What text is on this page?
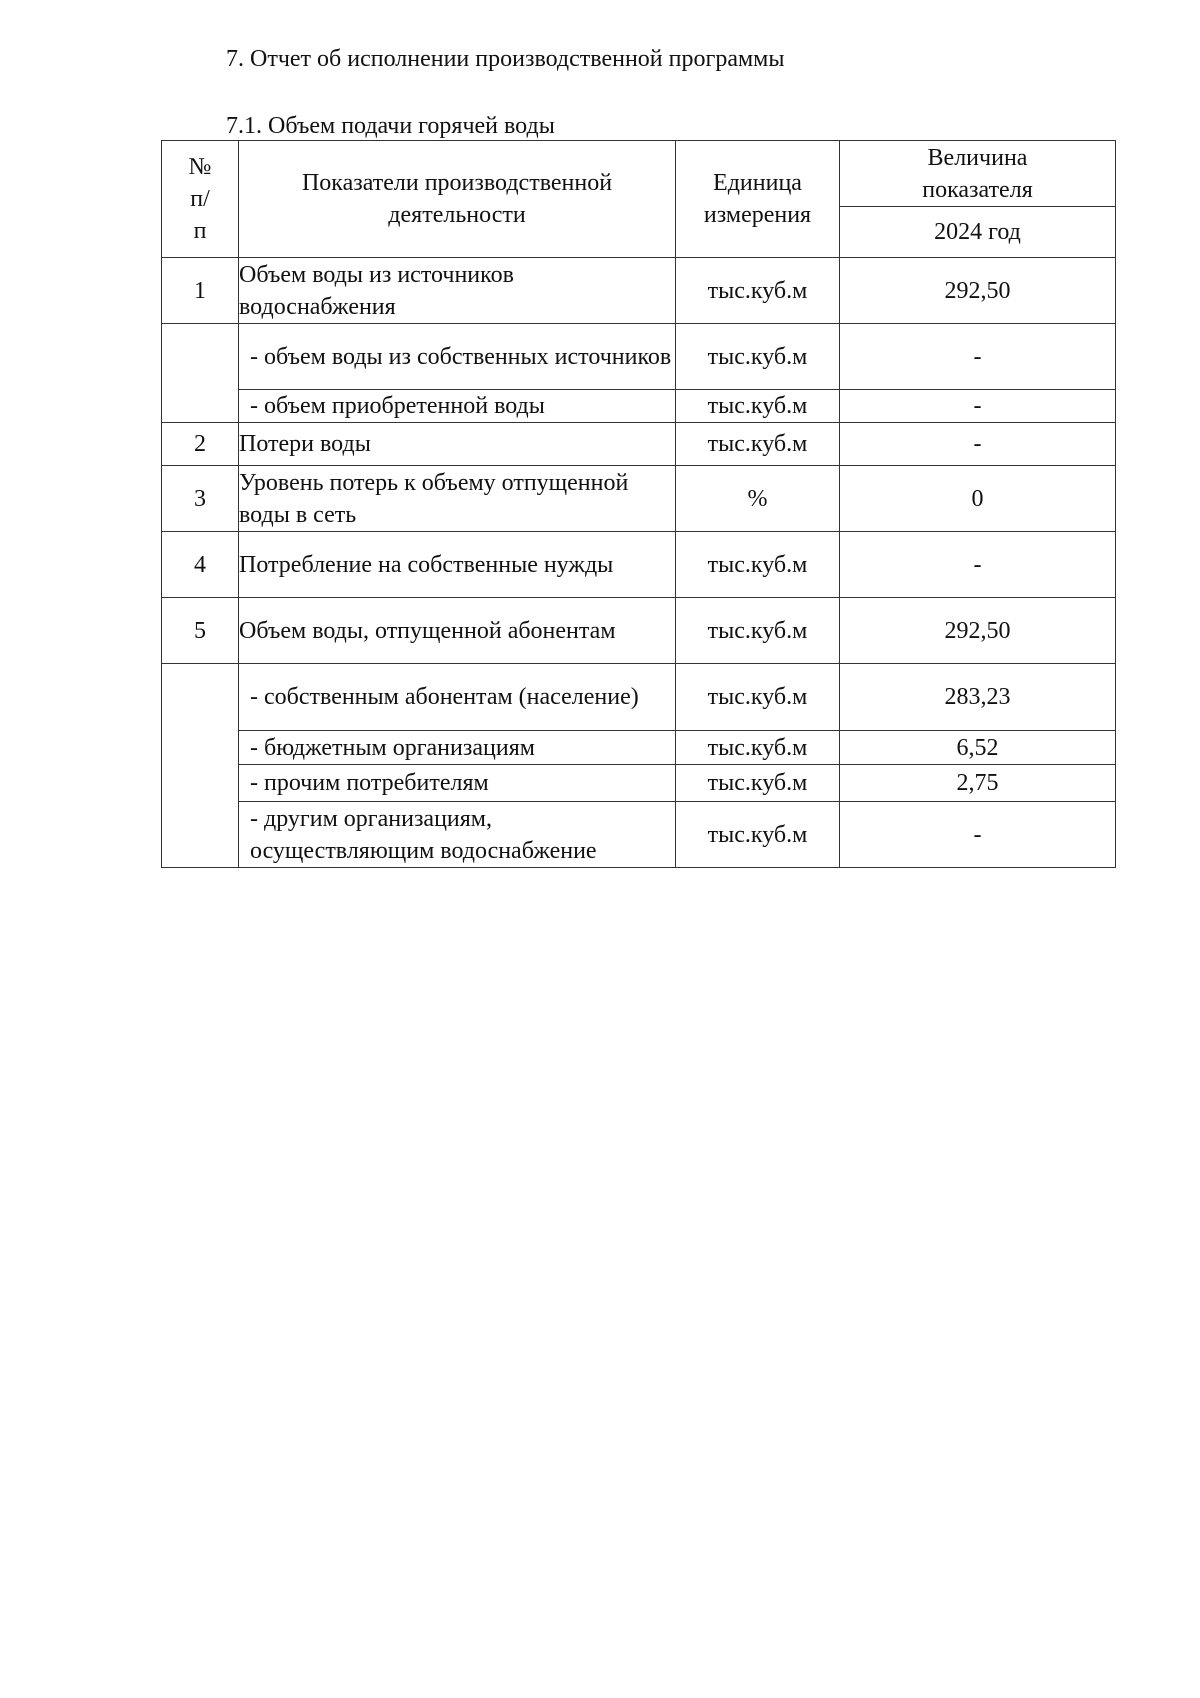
7. Отчет об исполнении производственной программы
7.1. Объем подачи горячей воды
№ п/п	Показатели производственной деятельности	Единица измерения	Величина показателя
			2024 год
1	Объем воды из источников водоснабжения	тыс.куб.м	292,50
	- объем воды из собственных источников	тыс.куб.м	-
	- объем приобретенной воды	тыс.куб.м	-
2	Потери воды	тыс.куб.м	-
3	Уровень потерь к объему отпущенной воды в сеть	%	0
4	Потребление на собственные нужды	тыс.куб.м	-
5	Объем воды, отпущенной абонентам	тыс.куб.м	292,50
	- собственным абонентам (население)	тыс.куб.м	283,23
	- бюджетным организациям	тыс.куб.м	6,52
	- прочим потребителям	тыс.куб.м	2,75
	- другим организациям, осуществляющим водоснабжение	тыс.куб.м	-
